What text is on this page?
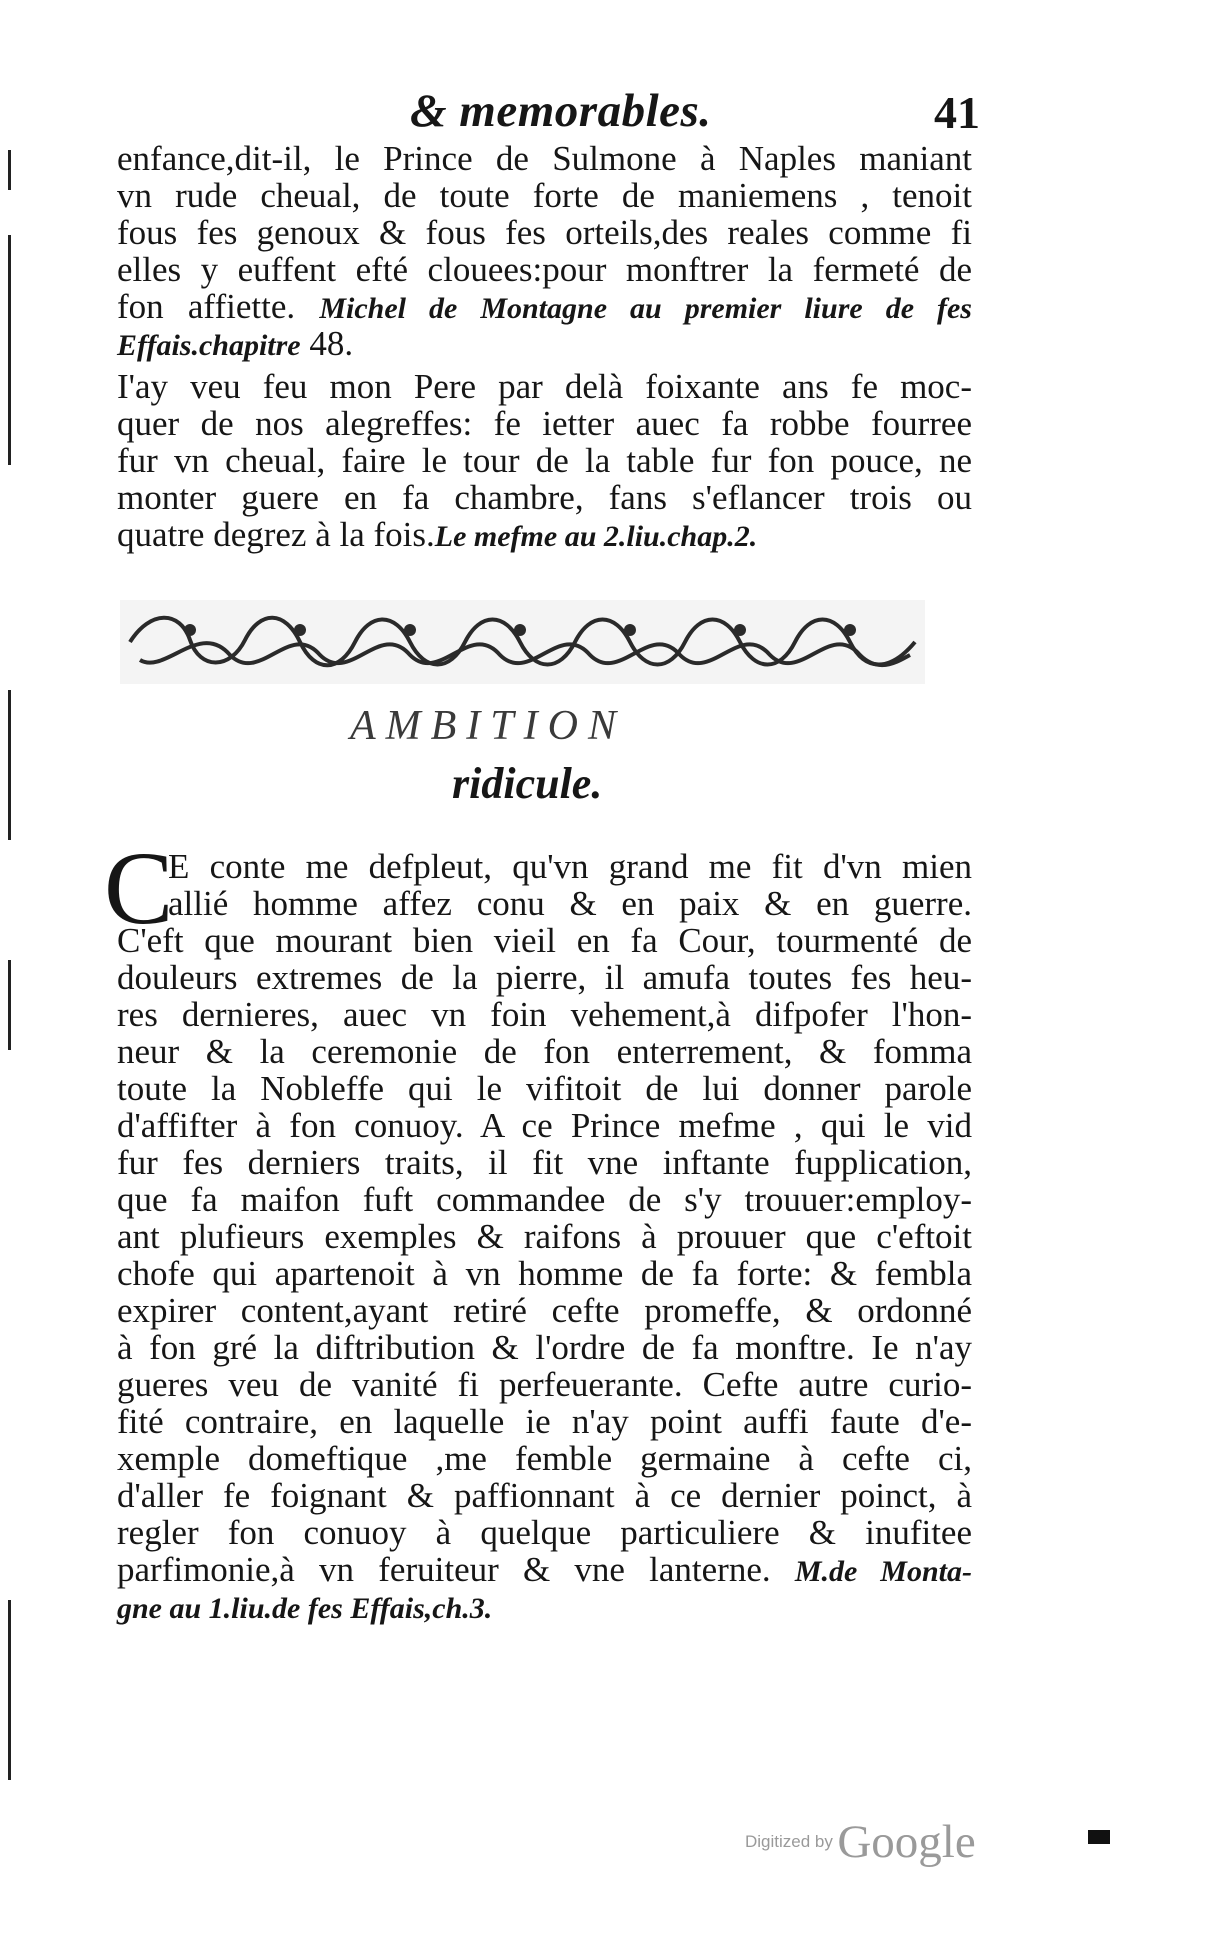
& memorables.	41
enfance,dit-il, le Prince de Sulmone à Naples maniant
vn rude cheual, de toute forte de maniemens , tenoit
fous fes genoux & fous fes orteils,des reales comme fi
elles y euffent efté clouees:pour monftrer la fermeté de
fon affiette. Michel de Montagne au premier liure de fes
Effais.chapitre 48.
I'ay veu feu mon Pere par delà foixante ans fe moc-
quer de nos alegreffes: fe ietter auec fa robbe fourree
fur vn cheual, faire le tour de la table fur fon pouce, ne
monter guere en fa chambre, fans s'eflancer trois ou
quatre degrez à la fois.Le mefme au 2.liu.chap.2.
AMBITION
ridicule.
C
E conte me defpleut, qu'vn grand me fit d'vn mien
allié homme affez conu & en paix & en guerre.
C'eft que mourant bien vieil en fa Cour, tourmenté de
douleurs extremes de la pierre, il amufa toutes fes heu-
res dernieres, auec vn foin vehement,à difpofer l'hon-
neur & la ceremonie de fon enterrement, & fomma
toute la Nobleffe qui le vifitoit de lui donner parole
d'affifter à fon conuoy. A ce Prince mefme , qui le vid
fur fes derniers traits, il fit vne inftante fupplication,
que fa maifon fuft commandee de s'y trouuer:employ-
ant plufieurs exemples & raifons à prouuer que c'eftoit
chofe qui apartenoit à vn homme de fa forte: & fembla
expirer content,ayant retiré cefte promeffe, & ordonné
à fon gré la diftribution & l'ordre de fa monftre. Ie n'ay
gueres veu de vanité fi perfeuerante. Cefte autre curio-
fité contraire, en laquelle ie n'ay point auffi faute d'e-
xemple domeftique ,me femble germaine à cefte ci,
d'aller fe foignant & paffionnant à ce dernier poinct, à
regler fon conuoy à quelque particuliere & inufitee
parfimonie,à vn feruiteur & vne lanterne. M.de Monta-
gne au 1.liu.de fes Effais,ch.3.
Digitized by Google
